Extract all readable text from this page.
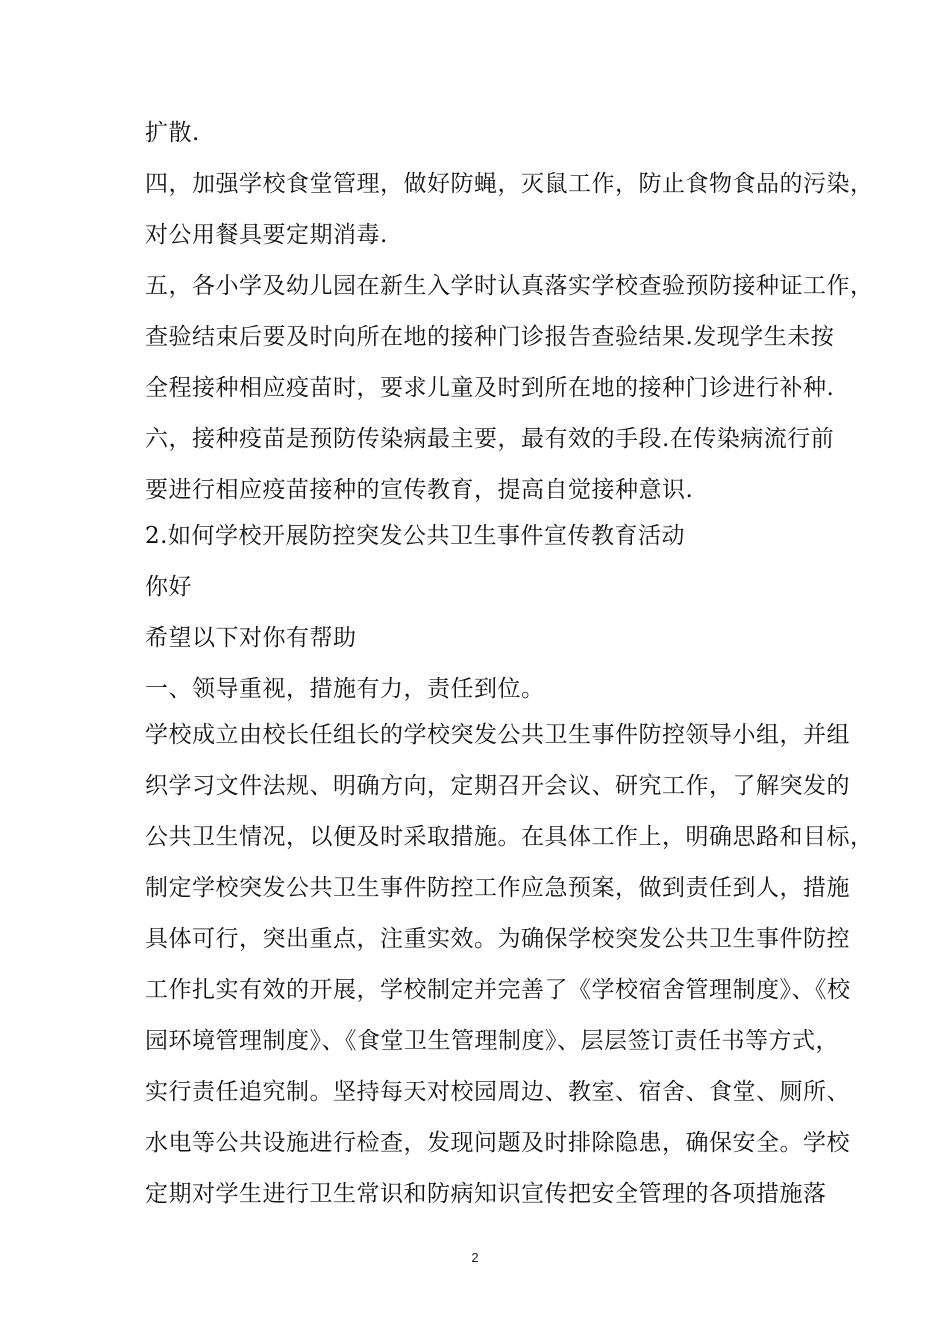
扩散.
四，加强学校食堂管理，做好防蝇，灭鼠工作，防止食物食品的污染，
对公用餐具要定期消毒.
五，各小学及幼儿园在新生入学时认真落实学校查验预防接种证工作，
查验结束后要及时向所在地的接种门诊报告查验结果.发现学生未按
全程接种相应疫苗时，要求儿童及时到所在地的接种门诊进行补种.
六，接种疫苗是预防传染病最主要，最有效的手段.在传染病流行前
要进行相应疫苗接种的宣传教育，提高自觉接种意识.
2.如何学校开展防控突发公共卫生事件宣传教育活动
你好
希望以下对你有帮助
一、领导重视，措施有力，责任到位。
学校成立由校长任组长的学校突发公共卫生事件防控领导小组，并组
织学习文件法规、明确方向，定期召开会议、研究工作，了解突发的
公共卫生情况，以便及时采取措施。在具体工作上，明确思路和目标，
制定学校突发公共卫生事件防控工作应急预案，做到责任到人，措施
具体可行，突出重点，注重实效。为确保学校突发公共卫生事件防控
工作扎实有效的开展，学校制定并完善了《学校宿舍管理制度》、《校
园环境管理制度》、《食堂卫生管理制度》、层层签订责任书等方式，
实行责任追究制。坚持每天对校园周边、教室、宿舍、食堂、厕所、
水电等公共设施进行检查，发现问题及时排除隐患，确保安全。学校
定期对学生进行卫生常识和防病知识宣传把安全管理的各项措施落
2
